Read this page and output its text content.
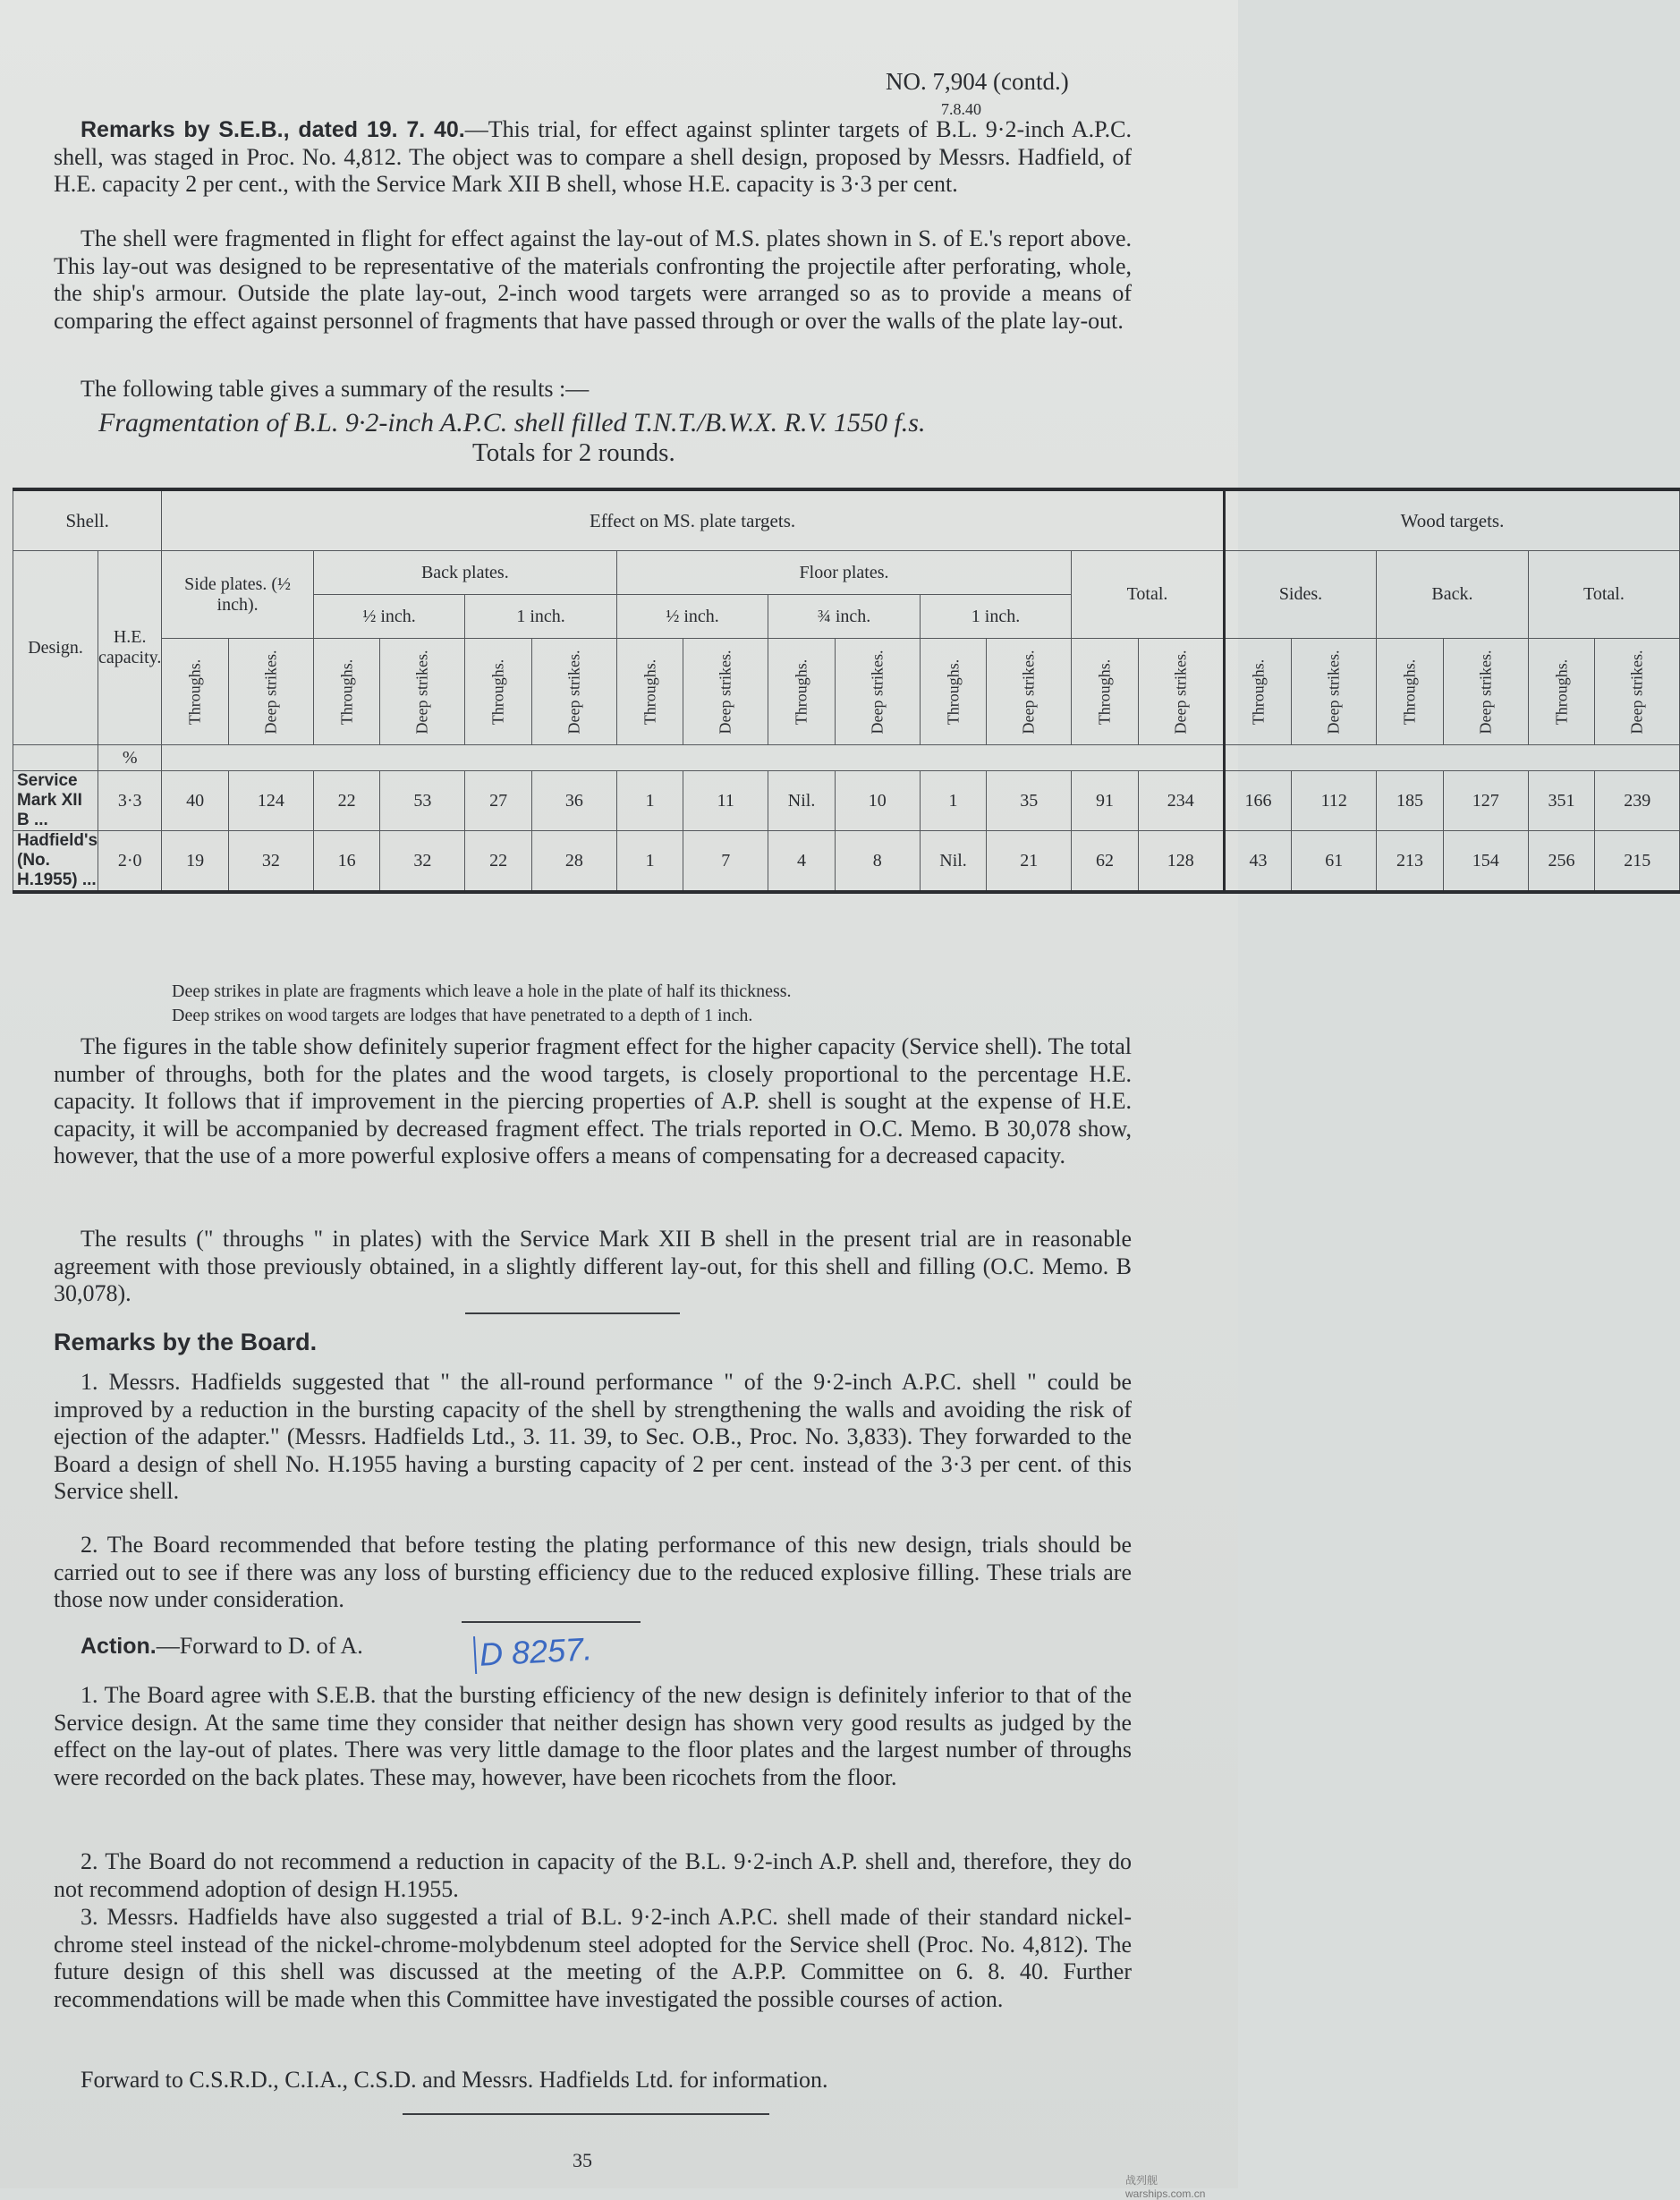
NO. 7,904 (contd.)
7.8.40

Remarks by S.E.B., dated 19. 7. 40.—This trial, for effect against splinter targets of B.L. 9·2-inch A.P.C. shell, was staged in Proc. No. 4,812. The object was to compare a shell design, proposed by Messrs. Hadfield, of H.E. capacity 2 per cent., with the Service Mark XII B shell, whose H.E. capacity is 3·3 per cent.

The shell were fragmented in flight for effect against the lay-out of M.S. plates shown in S. of E.'s report above. This lay-out was designed to be representative of the materials confronting the projectile after perforating, whole, the ship's armour. Outside the plate lay-out, 2-inch wood targets were arranged so as to provide a means of comparing the effect against personnel of fragments that have passed through or over the walls of the plate lay-out.

The following table gives a summary of the results :—

Fragmentation of B.L. 9·2-inch A.P.C. shell filled T.N.T./B.W.X. R.V. 1550 f.s.
Totals for 2 rounds.
Shell.		Effect on MS. plate targets.														Wood targets.					
Design.	H.E. capacity.	Side plates. (½ inch).		Back plates.				Floor plates.						Total.		Sides.		Back.		Total.	
				½ inch.		1 inch.		½ inch.		¾ inch.		1 inch.									
		Throughs.	Deep strikes.	Throughs.	Deep strikes.	Throughs.	Deep strikes.	Throughs.	Deep strikes.	Throughs.	Deep strikes.	Throughs.	Deep strikes.	Throughs.	Deep strikes.	Throughs.	Deep strikes.	Throughs.	Deep strikes.	Throughs.	Deep strikes.
	%																				
Service Mark XII B ...	3·3	40	124	22	53	27	36	1	11	Nil.	10	1	35	91	234	166	112	185	127	351	239
Hadfield's (No. H.1955) ...	2·0	19	32	16	32	22	28	1	7	4	8	Nil.	21	62	128	43	61	213	154	256	215
Deep strikes in plate are fragments which leave a hole in the plate of half its thickness.
Deep strikes on wood targets are lodges that have penetrated to a depth of 1 inch.

The figures in the table show definitely superior fragment effect for the higher capacity (Service shell). The total number of throughs, both for the plates and the wood targets, is closely proportional to the percentage H.E. capacity. It follows that if improvement in the piercing properties of A.P. shell is sought at the expense of H.E. capacity, it will be accompanied by decreased fragment effect. The trials reported in O.C. Memo. B 30,078 show, however, that the use of a more powerful explosive offers a means of compensating for a decreased capacity.

The results (" throughs " in plates) with the Service Mark XII B shell in the present trial are in reasonable agreement with those previously obtained, in a slightly different lay-out, for this shell and filling (O.C. Memo. B 30,078).

Remarks by the Board.

1. Messrs. Hadfields suggested that " the all-round performance " of the 9·2-inch A.P.C. shell " could be improved by a reduction in the bursting capacity of the shell by strengthening the walls and avoiding the risk of ejection of the adapter." (Messrs. Hadfields Ltd., 3. 11. 39, to Sec. O.B., Proc. No. 3,833). They forwarded to the Board a design of shell No. H.1955 having a bursting capacity of 2 per cent. instead of the 3·3 per cent. of this Service shell.

2. The Board recommended that before testing the plating performance of this new design, trials should be carried out to see if there was any loss of bursting efficiency due to the reduced explosive filling. These trials are those now under consideration.

Action.—Forward to D. of A.	D 8257.

1. The Board agree with S.E.B. that the bursting efficiency of the new design is definitely inferior to that of the Service design. At the same time they consider that neither design has shown very good results as judged by the effect on the lay-out of plates. There was very little damage to the floor plates and the largest number of throughs were recorded on the back plates. These may, however, have been ricochets from the floor.

2. The Board do not recommend a reduction in capacity of the B.L. 9·2-inch A.P. shell and, therefore, they do not recommend adoption of design H.1955.

3. Messrs. Hadfields have also suggested a trial of B.L. 9·2-inch A.P.C. shell made of their standard nickel-chrome steel instead of the nickel-chrome-molybdenum steel adopted for the Service shell (Proc. No. 4,812). The future design of this shell was discussed at the meeting of the A.P.P. Committee on 6. 8. 40. Further recommendations will be made when this Committee have investigated the possible courses of action.

Forward to C.S.R.D., C.I.A., C.S.D. and Messrs. Hadfields Ltd. for information.

35
战列舰 warships.com.cn
